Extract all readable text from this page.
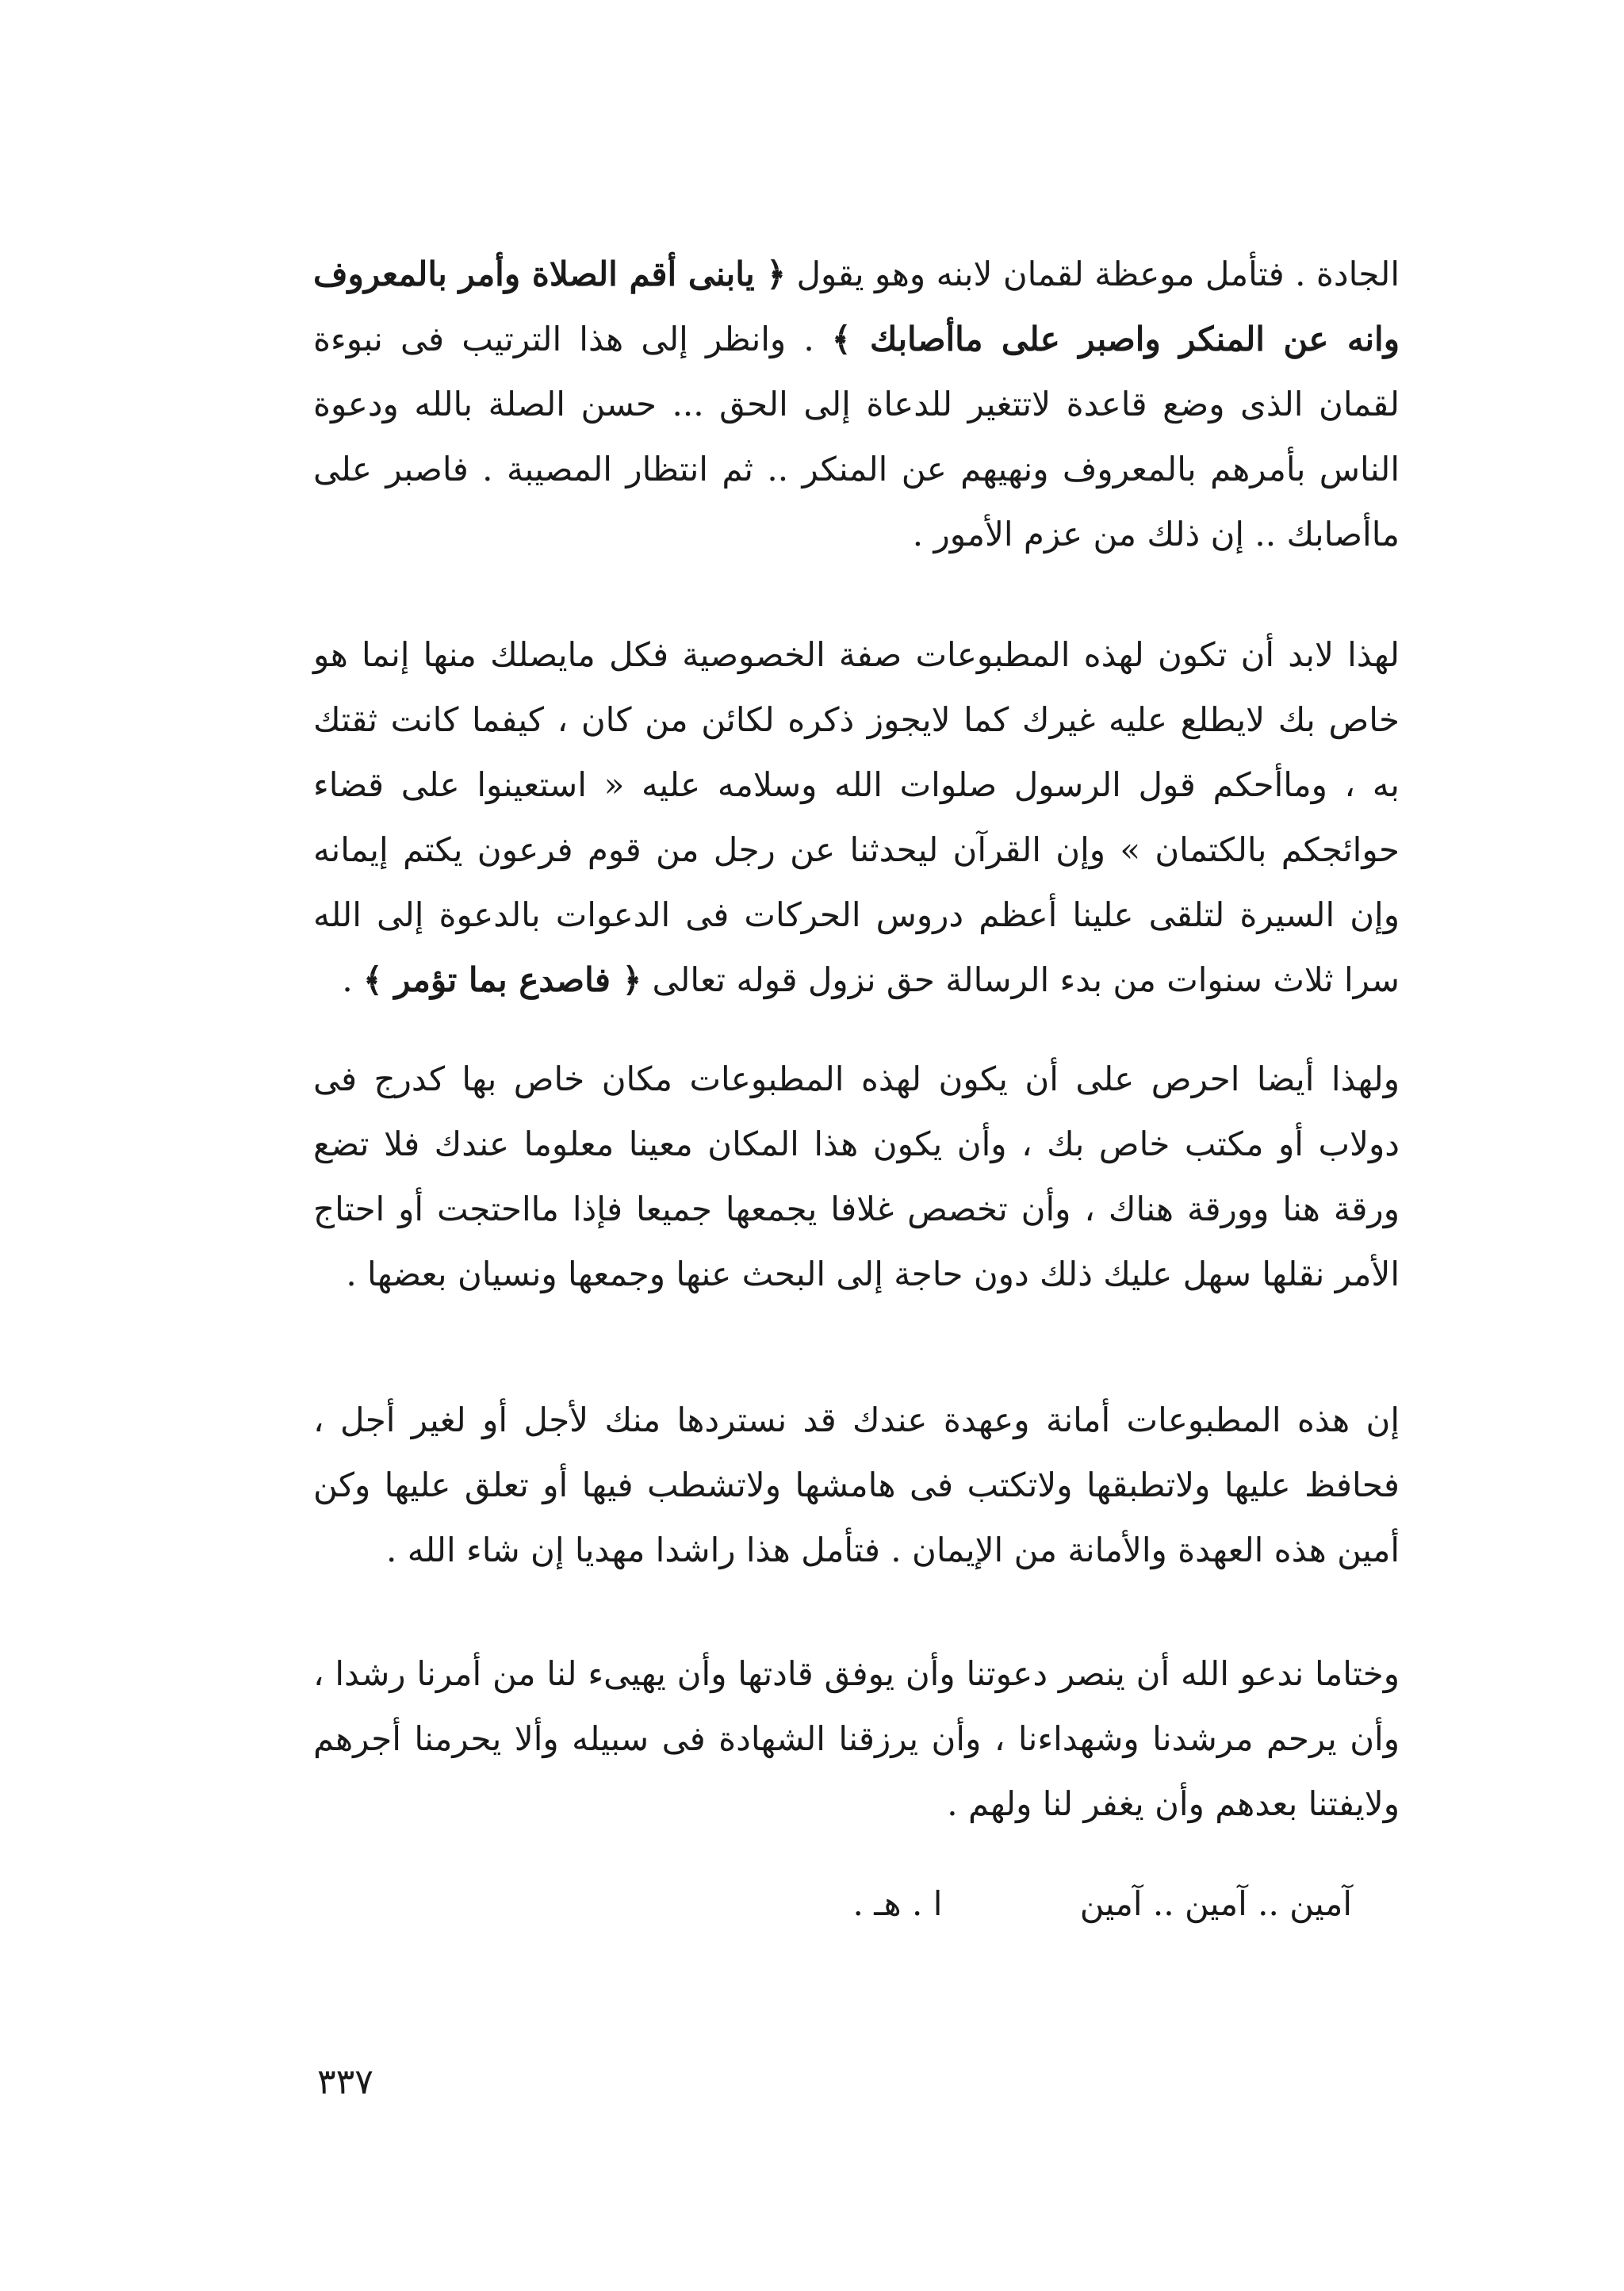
الجادة . فتأمل موعظة لقمان لابنه وهو يقول ﴿ يابنى أقم الصلاة وأمر بالمعروف وانه عن المنكر واصبر على ماأصابك ﴾ . وانظر إلى هذا الترتيب فى نبوءة لقمان الذى وضع قاعدة لاتتغير للدعاة إلى الحق ... حسن الصلة بالله ودعوة الناس بأمرهم بالمعروف ونهيهم عن المنكر .. ثم انتظار المصيبة . فاصبر على ماأصابك .. إن ذلك من عزم الأمور .

لهذا لابد أن تكون لهذه المطبوعات صفة الخصوصية فكل مايصلك منها إنما هو خاص بك لايطلع عليه غيرك كما لايجوز ذكره لكائن من كان ، كيفما كانت ثقتك به ، وماأحكم قول الرسول صلوات الله وسلامه عليه « استعينوا على قضاء حوائجكم بالكتمان » وإن القرآن ليحدثنا عن رجل من قوم فرعون يكتم إيمانه وإن السيرة لتلقى علينا أعظم دروس الحركات فى الدعوات بالدعوة إلى الله سرا ثلاث سنوات من بدء الرسالة حق نزول قوله تعالى ﴿ فاصدع بما تؤمر ﴾ .

ولهذا أيضا احرص على أن يكون لهذه المطبوعات مكان خاص بها كدرج فى دولاب أو مكتب خاص بك ، وأن يكون هذا المكان معينا معلوما عندك فلا تضع ورقة هنا وورقة هناك ، وأن تخصص غلافا يجمعها جميعا فإذا مااحتجت أو احتاج الأمر نقلها سهل عليك ذلك دون حاجة إلى البحث عنها وجمعها ونسيان بعضها .

إن هذه المطبوعات أمانة وعهدة عندك قد نستردها منك لأجل أو لغير أجل ، فحافظ عليها ولاتطبقها ولاتكتب فى هامشها ولاتشطب فيها أو تعلق عليها وكن أمين هذه العهدة والأمانة من الإيمان . فتأمل هذا راشدا مهديا إن شاء الله .

وختاما ندعو الله أن ينصر دعوتنا وأن يوفق قادتها وأن يهيىء لنا من أمرنا رشدا ، وأن يرحم مرشدنا وشهداءنا ، وأن يرزقنا الشهادة فى سبيله وألا يحرمنا أجرهم ولايفتنا بعدهم وأن يغفر لنا ولهم .

آمين .. آمين .. آمين ا . هـ .
٣٣٧
